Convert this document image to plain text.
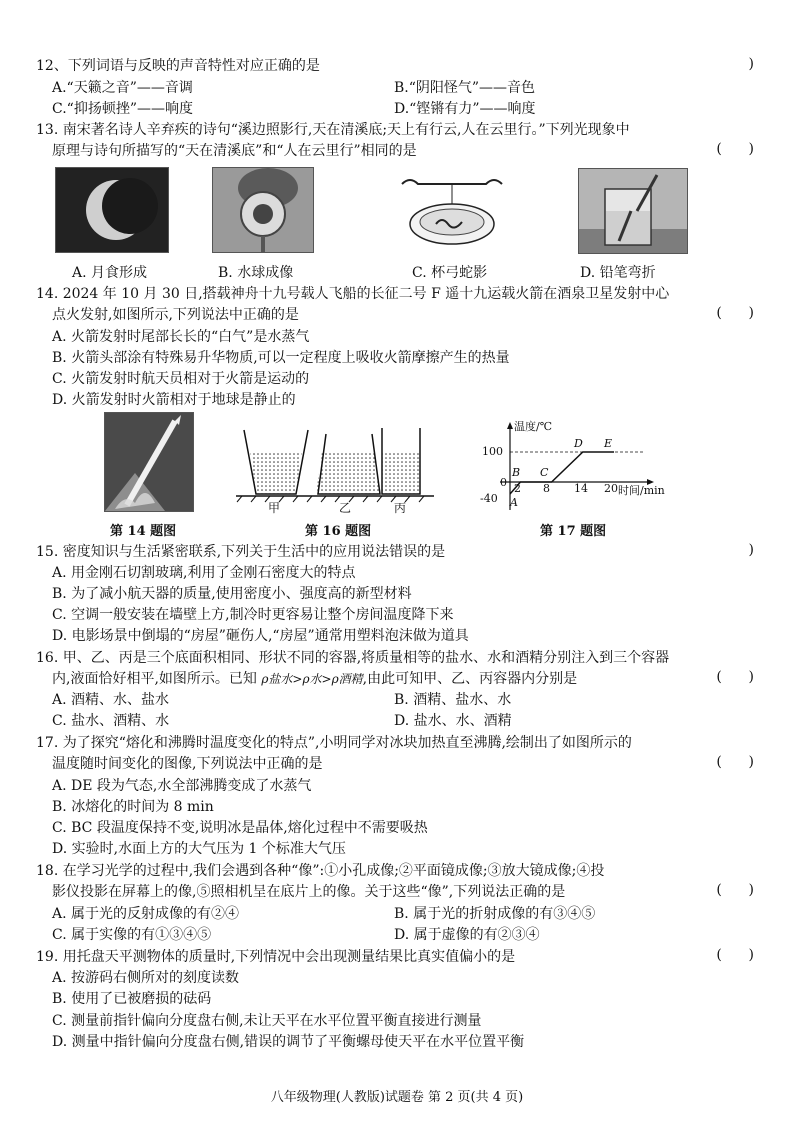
12、下列词语与反映的声音特性对应正确的是	)
A.“天籁之音”——音调	B.“阴阳怪气”——音色
C.“抑扬顿挫”——响度	D.“铿锵有力”——响度
13. 南宋著名诗人辛弃疾的诗句“溪边照影行,天在清溪底;天上有行云,人在云里行。”下列光现象中
原理与诗句所描写的“天在清溪底”和“人在云里行”相同的是	(      )
A. 月食形成	B. 水球成像	C. 杯弓蛇影	D. 铅笔弯折
14. 2024 年 10 月 30 日,搭载神舟十九号载人飞船的长征二号 F 遥十九运载火箭在酒泉卫星发射中心
点火发射,如图所示,下列说法中正确的是	(      )
A. 火箭发射时尾部长长的“白气”是水蒸气
B. 火箭头部涂有特殊易升华物质,可以一定程度上吸收火箭摩擦产生的热量
C. 火箭发射时航天员相对于火箭是运动的
D. 火箭发射时火箭相对于地球是静止的
甲	乙	丙
温度/℃
100
0
-40
2 8 14 20 时间/min
A
B C
D E
第 14 题图	第 16 题图	第 17 题图
15. 密度知识与生活紧密联系,下列关于生活中的应用说法错误的是	)
A. 用金刚石切割玻璃,利用了金刚石密度大的特点
B. 为了减小航天器的质量,使用密度小、强度高的新型材料
C. 空调一般安装在墙壁上方,制冷时更容易让整个房间温度降下来
D. 电影场景中倒塌的“房屋”砸伤人,“房屋”通常用塑料泡沫做为道具
16. 甲、乙、丙是三个底面积相同、形状不同的容器,将质量相等的盐水、水和酒精分别注入到三个容器
内,液面恰好相平,如图所示。已知 ρ盐水>ρ水>ρ酒精,由此可知甲、乙、丙容器内分别是	(      )
A. 酒精、水、盐水	B. 酒精、盐水、水
C. 盐水、酒精、水	D. 盐水、水、酒精
17. 为了探究“熔化和沸腾时温度变化的特点”,小明同学对冰块加热直至沸腾,绘制出了如图所示的
温度随时间变化的图像,下列说法中正确的是	(      )
A. DE 段为气态,水全部沸腾变成了水蒸气
B. 冰熔化的时间为 8 min
C. BC 段温度保持不变,说明冰是晶体,熔化过程中不需要吸热
D. 实验时,水面上方的大气压为 1 个标准大气压
18. 在学习光学的过程中,我们会遇到各种“像”:①小孔成像;②平面镜成像;③放大镜成像;④投
影仪投影在屏幕上的像,⑤照相机呈在底片上的像。关于这些“像”,下列说法正确的是	(      )
A. 属于光的反射成像的有②④	B. 属于光的折射成像的有③④⑤
C. 属于实像的有①③④⑤	D. 属于虚像的有②③④
19. 用托盘天平测物体的质量时,下列情况中会出现测量结果比真实值偏小的是	(      )
A. 按游码右侧所对的刻度读数
B. 使用了已被磨损的砝码
C. 测量前指针偏向分度盘右侧,未让天平在水平位置平衡直接进行测量
D. 测量中指针偏向分度盘右侧,错误的调节了平衡螺母使天平在水平位置平衡
八年级物理(人教版)试题卷 第 2 页(共 4 页)
